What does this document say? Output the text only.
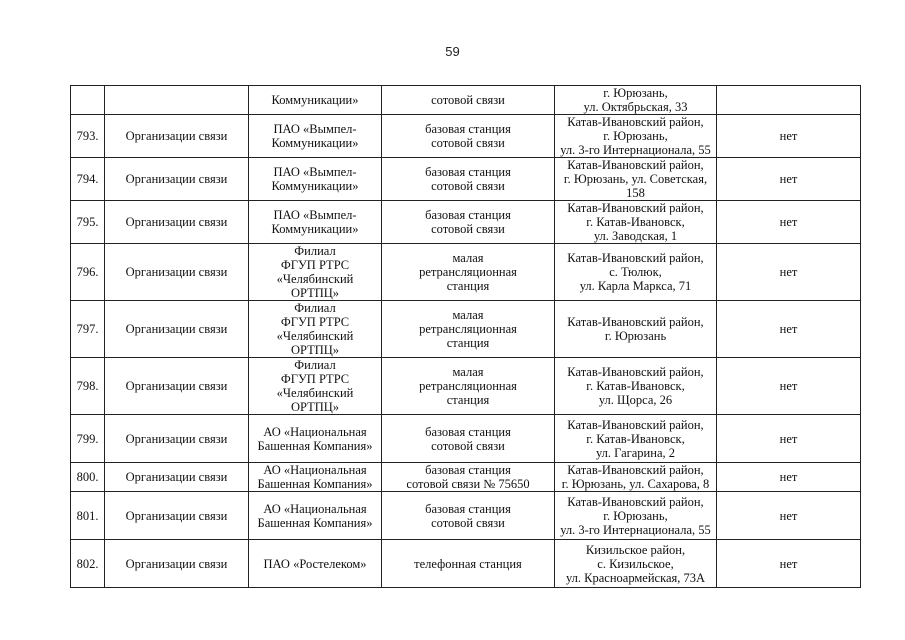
59

		Коммуникации»	сотовой связи	г. Юрюзань,
ул. Октябрьская, 33	

793.	Организации связи	ПАО «Вымпел-
Коммуникации»	базовая станция
сотовой связи	Катав-Ивановский район,
г. Юрюзань,
ул. 3-го Интернационала, 55	нет

794.	Организации связи	ПАО «Вымпел-
Коммуникации»	базовая станция
сотовой связи	Катав-Ивановский район,
г. Юрюзань, ул. Советская, 158	нет

795.	Организации связи	ПАО «Вымпел-
Коммуникации»	базовая станция
сотовой связи	Катав-Ивановский район,
г. Катав-Ивановск,
ул. Заводская, 1	нет

796.	Организации связи	Филиал
ФГУП РТРС
«Челябинский
ОРТПЦ»	малая
ретрансляционная
станция	Катав-Ивановский район,
с. Тюлюк,
ул. Карла Маркса, 71	нет

797.	Организации связи	Филиал
ФГУП РТРС
«Челябинский
ОРТПЦ»	малая
ретрансляционная
станция	Катав-Ивановский район,
г. Юрюзань	нет

798.	Организации связи	Филиал
ФГУП РТРС
«Челябинский
ОРТПЦ»	малая
ретрансляционная
станция	Катав-Ивановский район,
г. Катав-Ивановск,
ул. Щорса, 26	нет

799.	Организации связи	АО «Национальная
Башенная Компания»	базовая станция
сотовой связи	Катав-Ивановский район,
г. Катав-Ивановск,
ул. Гагарина, 2	нет

800.	Организации связи	АО «Национальная
Башенная Компания»	базовая станция
сотовой связи № 75650	Катав-Ивановский район,
г. Юрюзань, ул. Сахарова, 8	нет

801.	Организации связи	АО «Национальная
Башенная Компания»	базовая станция
сотовой связи	Катав-Ивановский район,
г. Юрюзань,
ул. 3-го Интернационала, 55	нет

802.	Организации связи	ПАО «Ростелеком»	телефонная станция	Кизильское район,
с. Кизильское,
ул. Красноармейская, 73А	нет
